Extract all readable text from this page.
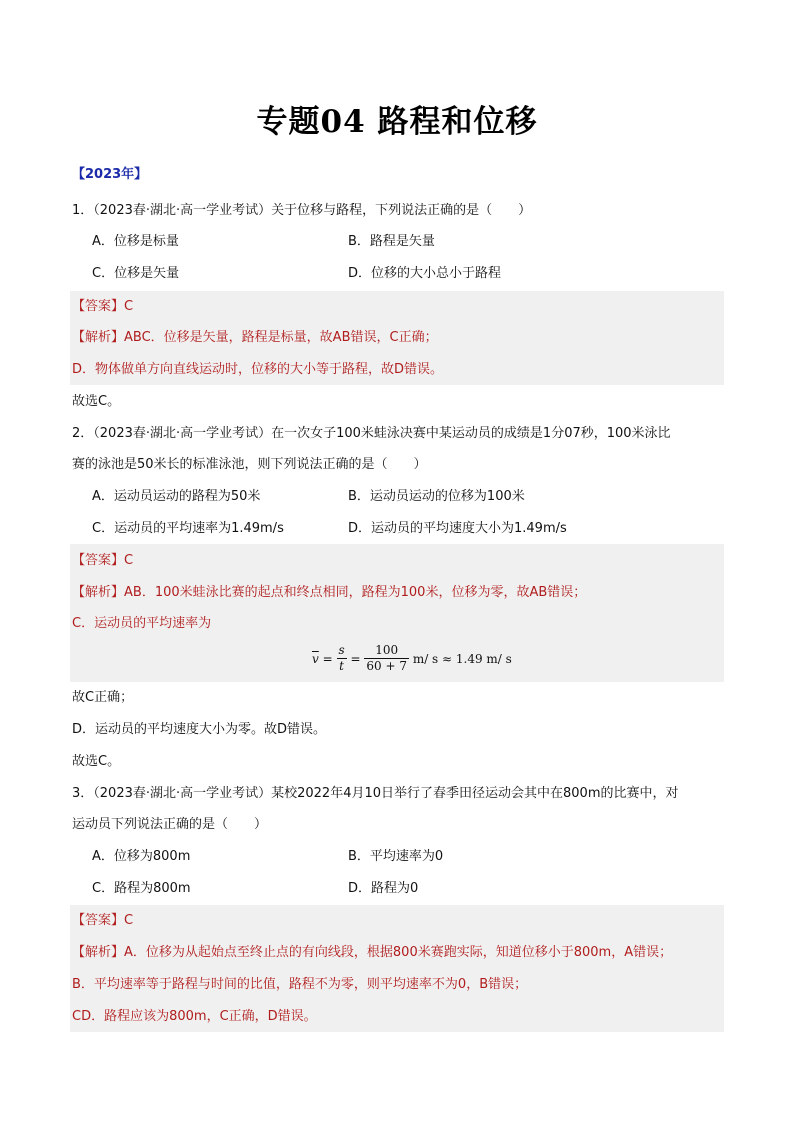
专题04 路程和位移
【2023年】
1．（2023春·湖北·高一学业考试）关于位移与路程，下列说法正确的是（　　）
A．位移是标量	B．路程是矢量
C．位移是矢量	D．位移的大小总小于路程
【答案】C
【解析】ABC．位移是矢量，路程是标量，故AB错误，C正确；
D．物体做单方向直线运动时，位移的大小等于路程，故D错误。
故选C。
2．（2023春·湖北·高一学业考试）在一次女子100米蛙泳决赛中某运动员的成绩是1分07秒，100米泳比
赛的泳池是50米长的标准泳池，则下列说法正确的是（　　）
A．运动员运动的路程为50米	B．运动员运动的位移为100米
C．运动员的平均速率为1.49m/s	D．运动员的平均速度大小为1.49m/s
【答案】C
【解析】AB．100米蛙泳比赛的起点和终点相同，路程为100米，位移为零，故AB错误；
C．运动员的平均速率为
$\overline{v} = \frac{s}{t} = \frac{100}{60 + 7} m/$ s ≈ 1.49 m/ s
故C正确；
D．运动员的平均速度大小为零。故D错误。
故选C。
3．（2023春·湖北·高一学业考试）某校2022年4月10日举行了春季田径运动会其中在800m的比赛中，对
运动员下列说法正确的是（　　）
A．位移为800m	B．平均速率为0
C．路程为800m	D．路程为0
【答案】C
【解析】A．位移为从起始点至终止点的有向线段，根据800米赛跑实际，知道位移小于800m，A错误；
B．平均速率等于路程与时间的比值，路程不为零，则平均速率不为0，B错误；
CD．路程应该为800m，C正确，D错误。
